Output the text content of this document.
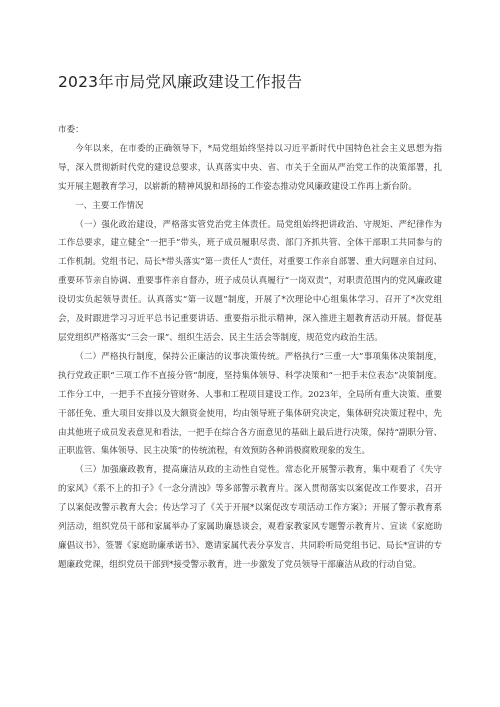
2023年市局党风廉政建设工作报告

市委：

今年以来，在市委的正确领导下，*局党组始终坚持以习近平新时代中国特色社会主义思想为指导，深入贯彻新时代党的建设总要求，认真落实中央、省、市关于全面从严治党工作的决策部署，扎实开展主题教育学习，以崭新的精神风貌和昂扬的工作姿态推动党风廉政建设工作再上新台阶。

一、主要工作情况

（一）强化政治建设，严格落实管党治党主体责任。局党组始终把讲政治、守规矩、严纪律作为工作总要求，建立健全“一把手”带头，班子成员履职尽责、部门齐抓共管、全体干部职工共同参与的工作机制。党组书记、局长*带头落实“第一责任人”责任，对重要工作亲自部署、重大问题亲自过问、重要环节亲自协调、重要事件亲自督办，班子成员认真履行“一岗双责”，对职责范围内的党风廉政建设切实负起领导责任。认真落实“第一议题”制度，开展了*次理论中心组集体学习、召开了*次党组会，及时跟进学习习近平总书记重要讲话、重要指示批示精神，深入推进主题教育活动开展。督促基层党组织严格落实“三会一课”、组织生活会、民主生活会等制度，规范党内政治生活。

（二）严格执行制度，保持公正廉洁的议事决策传统。严格执行“三重一大”事项集体决策制度，执行党政正职“三项工作不直接分管”制度，坚持集体领导、科学决策和“一把手末位表态”决策制度。工作分工中，一把手不直接分管财务、人事和工程项目建设工作。2023年，全局所有重大决策、重要干部任免、重大项目安排以及大额资金使用，均由领导班子集体研究决定，集体研究决策过程中，先由其他班子成员发表意见和看法，一把手在综合各方面意见的基础上最后进行决策，保持“副职分管、正职监管、集体领导、民主决策”的传统流程，有效预防各种消极腐败现象的发生。

（三）加强廉政教育，提高廉洁从政的主动性自觉性。常态化开展警示教育，集中观看了《失守的家风》《系不上的扣子》《一念分清浊》等多部警示教育片。深入贯彻落实以案促改工作要求，召开了以案促改警示教育大会；传达学习了《关于开展*以案促改专项活动工作方案》；开展了警示教育系列活动，组织党员干部和家属举办了家属助廉恳谈会，观看家教家风专题警示教育片、宣读《家庭助廉倡议书》、签署《家庭助廉承诺书》、邀请家属代表分享发言、共同聆听局党组书记、局长*宣讲的专题廉政党课，组织党员干部到*接受警示教育，进一步激发了党员领导干部廉洁从政的行动自觉。
